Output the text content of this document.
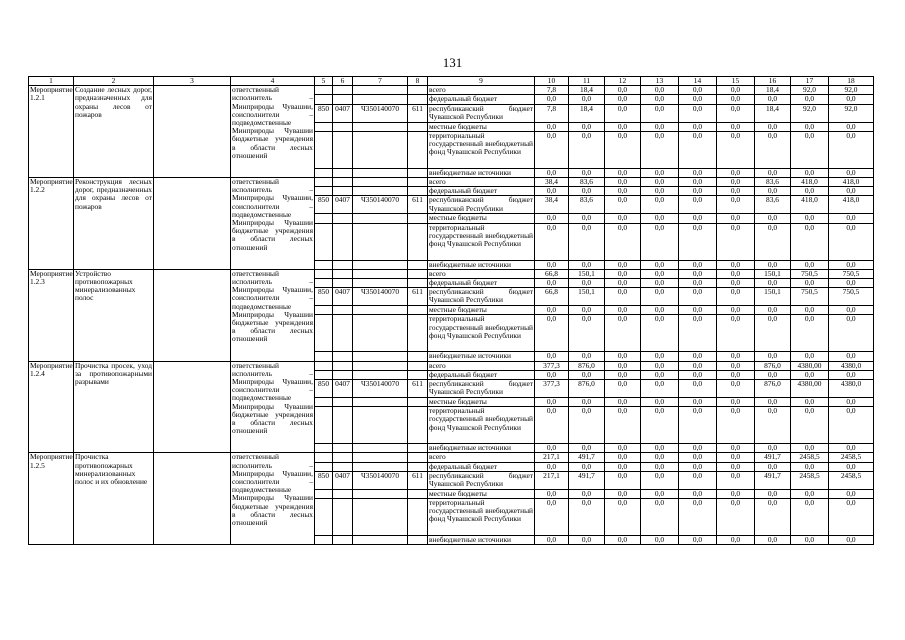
131
1	2	3	4	5	6	7	8	9	10	11	12	13	14	15	16	17	18
Мероприятие 1.2.1	Создание лесных дорог, предназначенных для охраны лесов от пожаров		ответственный исполнитель – Минприроды Чувашии, соисполнители – подведомственные Минприроды Чувашии бюджетные учреждения в области лесных отношений					всего	7,8	18,4	0,0	0,0	0,0	0,0	18,4	92,0	92,0
								федеральный бюджет	0,0	0,0	0,0	0,0	0,0	0,0	0,0	0,0	0,0
				850	0407	Ч350140070	611	республиканский бюджет Чувашской Республики	7,8	18,4	0,0	0,0	0,0	0,0	18,4	92,0	92,0
								местные бюджеты	0,0	0,0	0,0	0,0	0,0	0,0	0,0	0,0	0,0
								территориальный государственный внебюджетный фонд Чувашской Республики	0,0	0,0	0,0	0,0	0,0	0,0	0,0	0,0	0,0
								внебюджетные источники	0,0	0,0	0,0	0,0	0,0	0,0	0,0	0,0	0,0
Мероприятие 1.2.2	Реконструкция лесных дорог, предназначенных для охраны лесов от пожаров		ответственный исполнитель – Минприроды Чувашии, соисполнители – подведомственные Минприроды Чувашии бюджетные учреждения в области лесных отношений					всего	38,4	83,6	0,0	0,0	0,0	0,0	83,6	418,0	418,0
								федеральный бюджет	0,0	0,0	0,0	0,0	0,0	0,0	0,0	0,0	0,0
				850	0407	Ч350140070	611	республиканский бюджет Чувашской Республики	38,4	83,6	0,0	0,0	0,0	0,0	83,6	418,0	418,0
								местные бюджеты	0,0	0,0	0,0	0,0	0,0	0,0	0,0	0,0	0,0
								территориальный государственный внебюджетный фонд Чувашской Республики	0,0	0,0	0,0	0,0	0,0	0,0	0,0	0,0	0,0
								внебюджетные источники	0,0	0,0	0,0	0,0	0,0	0,0	0,0	0,0	0,0
Мероприятие 1.2.3	Устройство противопожарных минерализованных полос		ответственный исполнитель – Минприроды Чувашии, соисполнители – подведомственные Минприроды Чувашии бюджетные учреждения в области лесных отношений					всего	66,8	150,1	0,0	0,0	0,0	0,0	150,1	750,5	750,5
								федеральный бюджет	0,0	0,0	0,0	0,0	0,0	0,0	0,0	0,0	0,0
				850	0407	Ч350140070	611	республиканский бюджет Чувашской Республики	66,8	150,1	0,0	0,0	0,0	0,0	150,1	750,5	750,5
								местные бюджеты	0,0	0,0	0,0	0,0	0,0	0,0	0,0	0,0	0,0
								территориальный государственный внебюджетный фонд Чувашской Республики	0,0	0,0	0,0	0,0	0,0	0,0	0,0	0,0	0,0
								внебюджетные источники	0,0	0,0	0,0	0,0	0,0	0,0	0,0	0,0	0,0
Мероприятие 1.2.4	Прочистка просек, уход за противопожарными разрывами		ответственный исполнитель – Минприроды Чувашии, соисполнители – подведомственные Минприроды Чувашии бюджетные учреждения в области лесных отношений					всего	377,3	876,0	0,0	0,0	0,0	0,0	876,0	4380,00	4380,0
								федеральный бюджет	0,0	0,0	0,0	0,0	0,0	0,0	0,0	0,0	0,0
				850	0407	Ч350140070	611	республиканский бюджет Чувашской Республики	377,3	876,0	0,0	0,0	0,0	0,0	876,0	4380,00	4380,0
								местные бюджеты	0,0	0,0	0,0	0,0	0,0	0,0	0,0	0,0	0,0
								территориальный государственный внебюджетный фонд Чувашской Республики	0,0	0,0	0,0	0,0	0,0	0,0	0,0	0,0	0,0
								внебюджетные источники	0,0	0,0	0,0	0,0	0,0	0,0	0,0	0,0	0,0
Мероприятие 1.2.5	Прочистка противопожарных минерализованных полос и их обновление		ответственный исполнитель – Минприроды Чувашии, соисполнители – подведомственные Минприроды Чувашии бюджетные учреждения в области лесных отношений					всего	217,1	491,7	0,0	0,0	0,0	0,0	491,7	2458,5	2458,5
								федеральный бюджет	0,0	0,0	0,0	0,0	0,0	0,0	0,0	0,0	0,0
				850	0407	Ч350140070	611	республиканский бюджет Чувашской Республики	217,1	491,7	0,0	0,0	0,0	0,0	491,7	2458,5	2458,5
								местные бюджеты	0,0	0,0	0,0	0,0	0,0	0,0	0,0	0,0	0,0
								территориальный государственный внебюджетный фонд Чувашской Республики	0,0	0,0	0,0	0,0	0,0	0,0	0,0	0,0	0,0
								внебюджетные источники	0,0	0,0	0,0	0,0	0,0	0,0	0,0	0,0	0,0
